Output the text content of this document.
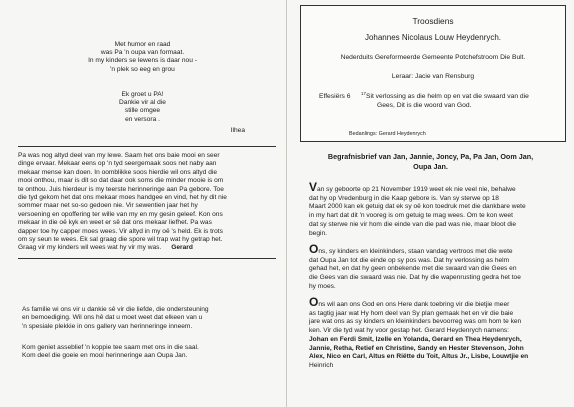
Met humor en raad
was Pa 'n oupa van formaat.
In my kinders se lewens is daar nou -
'n plek so eeg en grou
Ek groet u PA!
Dankie vir al die
stille omgee
en versora .
Ilhea
Pa was nog altyd deel van my lewe. Saam het ons baie mooi en seer
dinge ervaar. Mekaar eens op 'n tyd seergemaak soos net naby aan
mekaar mense kan doen. In oomblikke soos hierdie wil ons altyd die
mooi onthou, maar is dit so dat daar ook soms die minder mooie is om
te onthou. Juis hierdeur is my teerste herinneringe aan Pa gebore. Toe
die tyd gekom het dat ons mekaar moes handgee en vind, het hy dit nie
sommer maar net so-so gedoen nie. Vir sewentien jaar het hy
versoening en opoffering ter wille van my en my gesin geleef. Kon ons
mekaar in die oë kyk en weet er sê dat ons mekaar liefhet. Pa was
dapper toe hy capper moes wees. Vir altyd in my oë 's held. Ek is trots
om sy seun te wees. Ek sal graag die spore wil trap wat hy getrap het.
Graag vir my kinders wil wees wat hy vir my was. Gerard
As familie wi ons vir u dankie sê vir die liefde, die ondersteuning
en bemoediging. Wil ons hê dat u moet weet dat elkeen van u
'n spesiale plekkie in ons gallery van herinneringe inneem.
Kom geniet asseblief 'n koppie tee saam met ons in die saal.
Kom deel die goeie en mooi herinneringe aan Oupa Jan.
Troosdiens
Johannes Nicolaus Louw Heydenrych.
Nederduits Gereformeerde Gemeente Potchefstroom Die Bult.
Leraar: Jacie van Rensburg
Effesiërs 6 $^{17}$Sit verlossing as die helm op en vat die swaard van die
Gees, Dit is die woord van God.
Bedanlings: Gerard Heydenrych
Begrafnisbrief van Jan, Jannie, Joncy, Pa, Pa Jan, Oom Jan,
Oupa Jan.
Van sy geboorte op 21 November 1919 weet ek nie veel nie, behalwe
dat hy op Vredenburg in die Kaap gebore is. Van sy sterwe op 18
Maart 2000 kan ek getuig dat ek sy oë kon toedruk met die dankbare wete
in my hart dat dit 'n vooreg is om getuig te mag wees. Om te kon weet
dat sy sterwe nie vir hom die einde van die pad was nie, maar bloot die
begin.
Ons, sy kinders en kleinkinders, staan vandag vertroos met die wete
dat Oupa Jan tot die einde op sy pos was. Dat hy verlossing as helm
gehad het, en dat hy geen onbekende met die swaard van die Gees en
die Gees van die swaard was nie. Dat hy die wapenrusting gedra het toe
hy moes.
Ons wil aan ons God en ons Here dank toebring vir die bietjie meer
as tagtig jaar wat Hy hom deel van Sy plan gemaak het en vir die baie
jare wat ons as sy kinders en kleinkinders bevoorreg was om hom te ken
ken. Vir die tyd wat hy voor gestap het. Gerard Heydenrych namens:
Johan en Ferdi Smit, Izelle en Yolanda, Gerard en Thea Heydenrych,
Jannie, Retha, Retief en Christine, Sandy en Hester Stevenson, John
Alex, Nico en Carl, Altus en Riëtte du Toit, Altus Jr., Lisbe, Louwtjie en
Heinrich
